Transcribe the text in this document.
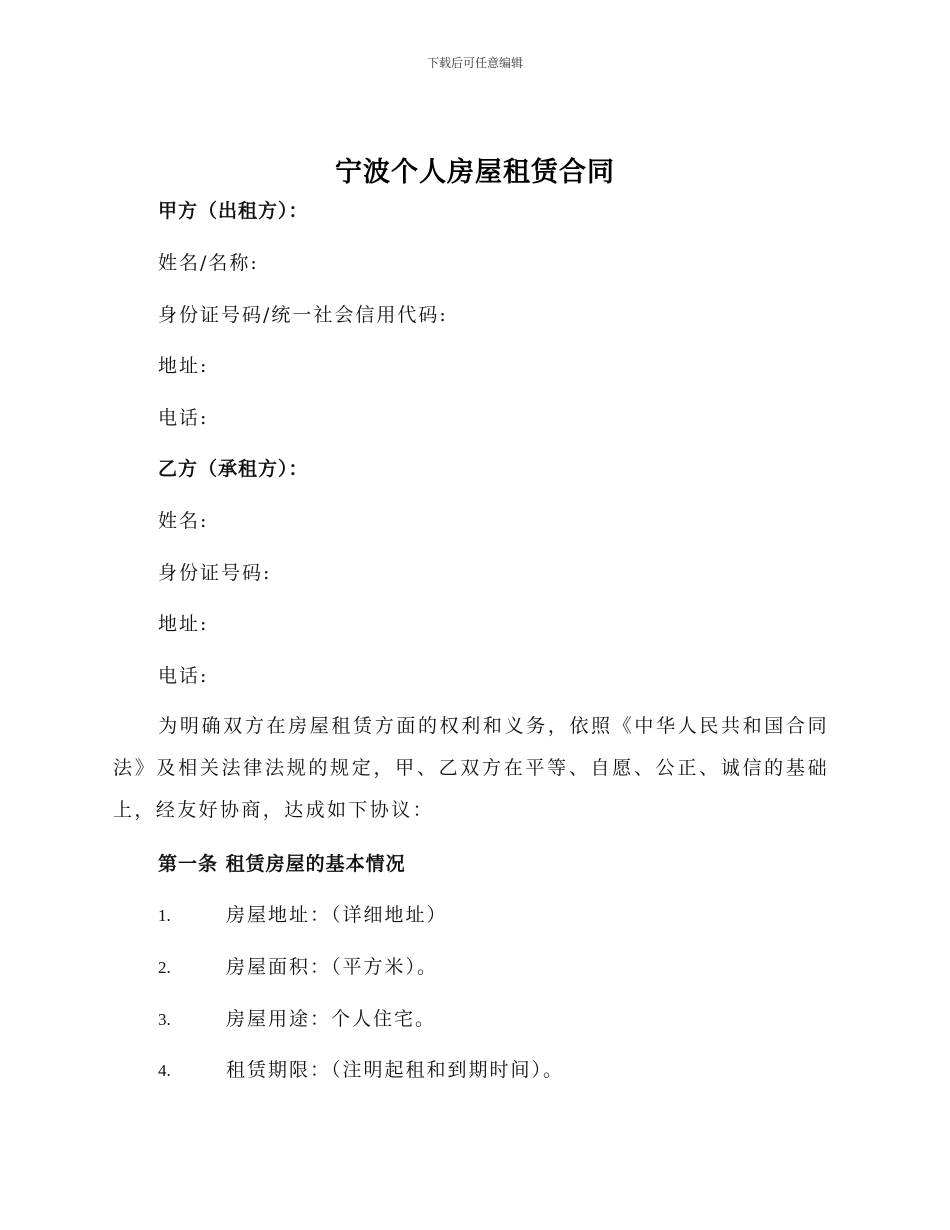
下载后可任意编辑
宁波个人房屋租赁合同
甲方（出租方）：
姓名/名称:
身份证号码/统一社会信用代码:
地址:
电话:
乙方（承租方）：
姓名:
身份证号码:
地址:
电话:
为明确双方在房屋租赁方面的权利和义务，依照《中华人民共和国合同法》及相关法律法规的规定，甲、乙双方在平等、自愿、公正、诚信的基础上，经友好协商，达成如下协议：
第一条 租赁房屋的基本情况
1.	房屋地址：（详细地址）
2.	房屋面积：（平方米）。
3.	房屋用途：个人住宅。
4.	租赁期限：（注明起租和到期时间）。
